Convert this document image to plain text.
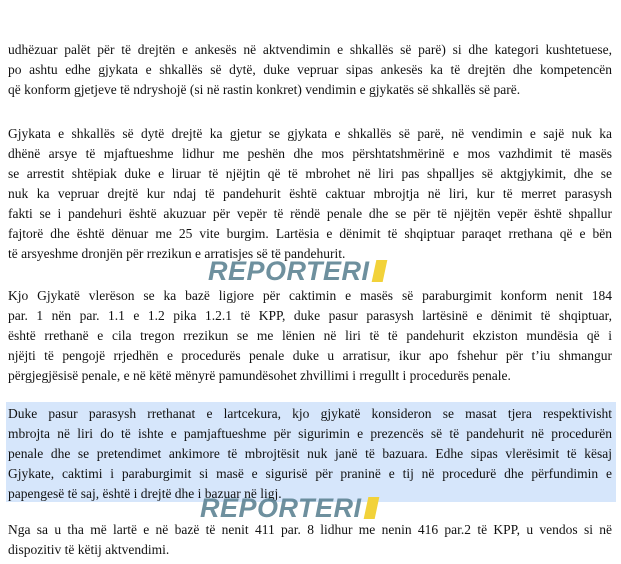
udhëzuar palët për të drejtën e ankesës në aktvendimin e shkallës së parë) si dhe kategori kushtetuese,
po ashtu edhe gjykata e shkallës së dytë, duke vepruar sipas ankesës ka të drejtën dhe kompetencën
që konform gjetjeve të ndryshojë (si në rastin konkret) vendimin e gjykatës së shkallës së parë.

Gjykata e shkallës së dytë drejtë ka gjetur se gjykata e shkallës së parë, në vendimin e sajë nuk ka
dhënë arsye të mjaftueshme lidhur me peshën dhe mos përshtatshmërinë e mos vazhdimit të masës
se arrestit shtëpiak duke e liruar të njëjtin që të mbrohet në liri pas shpalljes së aktgjykimit, dhe se
nuk ka vepruar drejtë kur ndaj të pandehurit është caktuar mbrojtja në liri, kur të merret parasysh
fakti se i pandehuri është akuzuar për vepër të rëndë penale dhe se për të njëjtën vepër është shpallur
fajtorë dhe është dënuar me 25 vite burgim. Lartësia e dënimit të shqiptuar paraqet rrethana që e bën
të arsyeshme dronjën për rrezikun e arratisjes së të pandehurit.

Kjo Gjykatë vlerëson se ka bazë ligjore për caktimin e masës së paraburgimit konform nenit 184
par. 1 nën par. 1.1 e 1.2 pika 1.2.1 të KPP, duke pasur parasysh lartësinë e dënimit të shqiptuar,
është rrethanë e cila tregon rrezikun se me lënien në liri të të pandehurit ekziston mundësia që i
njëjti të pengojë rrjedhën e procedurës penale duke u arratisur, ikur apo fshehur për t’iu shmangur
përgjegjësisë penale, e në këtë mënyrë pamundësohet zhvillimi i rregullt i procedurës penale.

Duke pasur parasysh rrethanat e lartcekura, kjo gjykatë konsideron se masat tjera respektivisht
mbrojta në liri do të ishte e pamjaftueshme për sigurimin e prezencës së të pandehurit në procedurën
penale dhe se pretendimet ankimore të mbrojtësit nuk janë të bazuara. Edhe sipas vlerësimit të kësaj
Gjykate, caktimi i paraburgimit si masë e sigurisë për praninë e tij në procedurë dhe përfundimin e
papengesë të saj, është i drejtë dhe i bazuar në ligj.

Nga sa u tha më lartë e në bazë të nenit 411 par. 8 lidhur me nenin 416 par.2 të KPP, u vendos si në
dispozitiv të këtij aktvendimi.

REPORTERI
REPORTERI
